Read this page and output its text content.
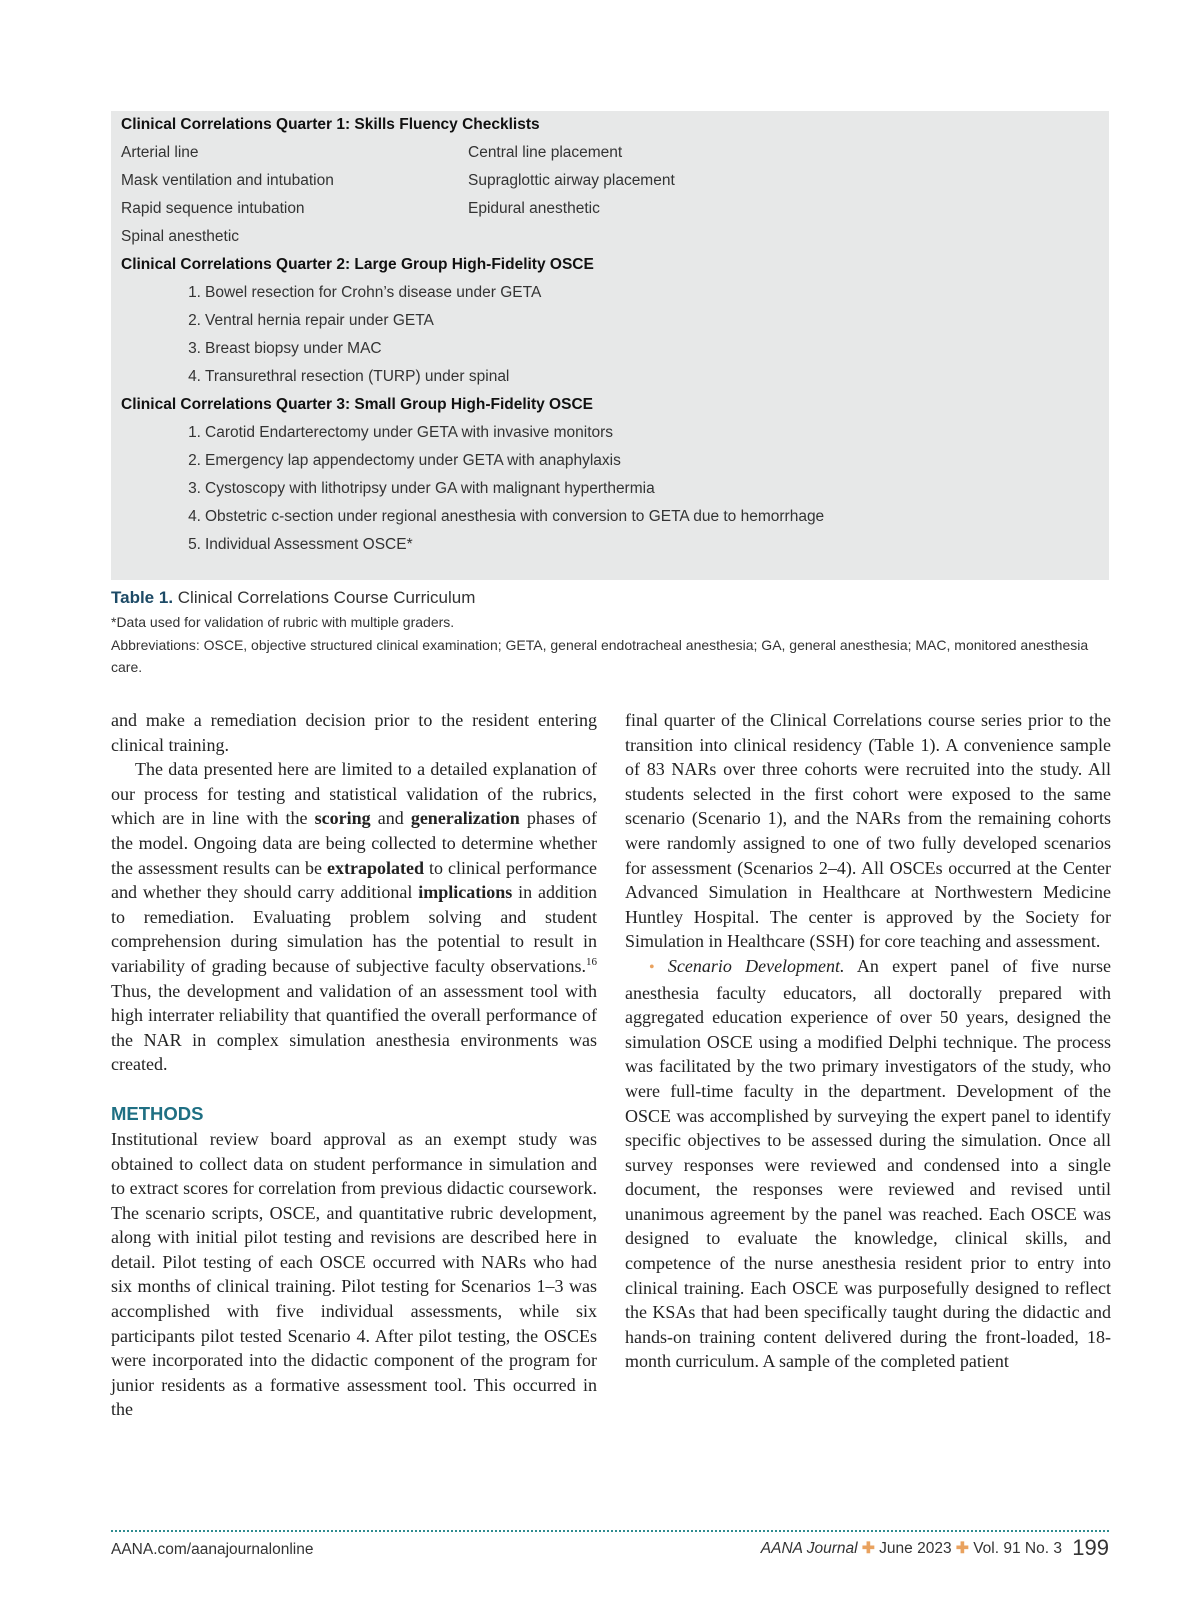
Clinical Correlations Quarter 1: Skills Fluency Checklists
Arterial line	Central line placement
Mask ventilation and intubation	Supraglottic airway placement
Rapid sequence intubation	Epidural anesthetic
Spinal anesthetic
Clinical Correlations Quarter 2: Large Group High-Fidelity OSCE
1. Bowel resection for Crohn’s disease under GETA
2. Ventral hernia repair under GETA
3. Breast biopsy under MAC
4. Transurethral resection (TURP) under spinal
Clinical Correlations Quarter 3: Small Group High-Fidelity OSCE
1. Carotid Endarterectomy under GETA with invasive monitors
2. Emergency lap appendectomy under GETA with anaphylaxis
3. Cystoscopy with lithotripsy under GA with malignant hyperthermia
4. Obstetric c-section under regional anesthesia with conversion to GETA due to hemorrhage
5. Individual Assessment OSCE*
Table 1. Clinical Correlations Course Curriculum
*Data used for validation of rubric with multiple graders.
Abbreviations: OSCE, objective structured clinical examination; GETA, general endotracheal anesthesia; GA, general anesthesia; MAC, monitored anesthesia care.

and make a remediation decision prior to the resident entering clinical training.

The data presented here are limited to a detailed explanation of our process for testing and statistical validation of the rubrics, which are in line with the scoring and generalization phases of the model. Ongoing data are being collected to determine whether the assessment results can be extrapolated to clinical performance and whether they should carry additional implications in addition to remediation. Evaluating problem solving and student comprehension during simulation has the potential to result in variability of grading because of subjective faculty observations.$^{16}$ Thus, the development and validation of an assessment tool with high interrater reliability that quantified the overall performance of the NAR in complex simulation anesthesia environments was created.

METHODS

Institutional review board approval as an exempt study was obtained to collect data on student performance in simulation and to extract scores for correlation from previous didactic coursework. The scenario scripts, OSCE, and quantitative rubric development, along with initial pilot testing and revisions are described here in detail. Pilot testing of each OSCE occurred with NARs who had six months of clinical training. Pilot testing for Scenarios 1–3 was accomplished with five individual assessments, while six participants pilot tested Scenario 4. After pilot testing, the OSCEs were incorporated into the didactic component of the program for junior residents as a formative assessment tool. This occurred in the

final quarter of the Clinical Correlations course series prior to the transition into clinical residency (Table 1). A convenience sample of 83 NARs over three cohorts were recruited into the study. All students selected in the first cohort were exposed to the same scenario (Scenario 1), and the NARs from the remaining cohorts were randomly assigned to one of two fully developed scenarios for assessment (Scenarios 2–4). All OSCEs occurred at the Center Advanced Simulation in Healthcare at Northwestern Medicine Huntley Hospital. The center is approved by the Society for Simulation in Healthcare (SSH) for core teaching and assessment.

• Scenario Development. An expert panel of five nurse anesthesia faculty educators, all doctorally prepared with aggregated education experience of over 50 years, designed the simulation OSCE using a modified Delphi technique. The process was facilitated by the two primary investigators of the study, who were full-time faculty in the department. Development of the OSCE was accomplished by surveying the expert panel to identify specific objectives to be assessed during the simulation. Once all survey responses were reviewed and condensed into a single document, the responses were reviewed and revised until unanimous agreement by the panel was reached. Each OSCE was designed to evaluate the knowledge, clinical skills, and competence of the nurse anesthesia resident prior to entry into clinical training. Each OSCE was purposefully designed to reflect the KSAs that had been specifically taught during the didactic and hands-on training content delivered during the front-loaded, 18-month curriculum. A sample of the completed patient

AANA.com/aanajournalonline	AANA Journal ✚ June 2023 ✚ Vol. 91 No. 3 199
